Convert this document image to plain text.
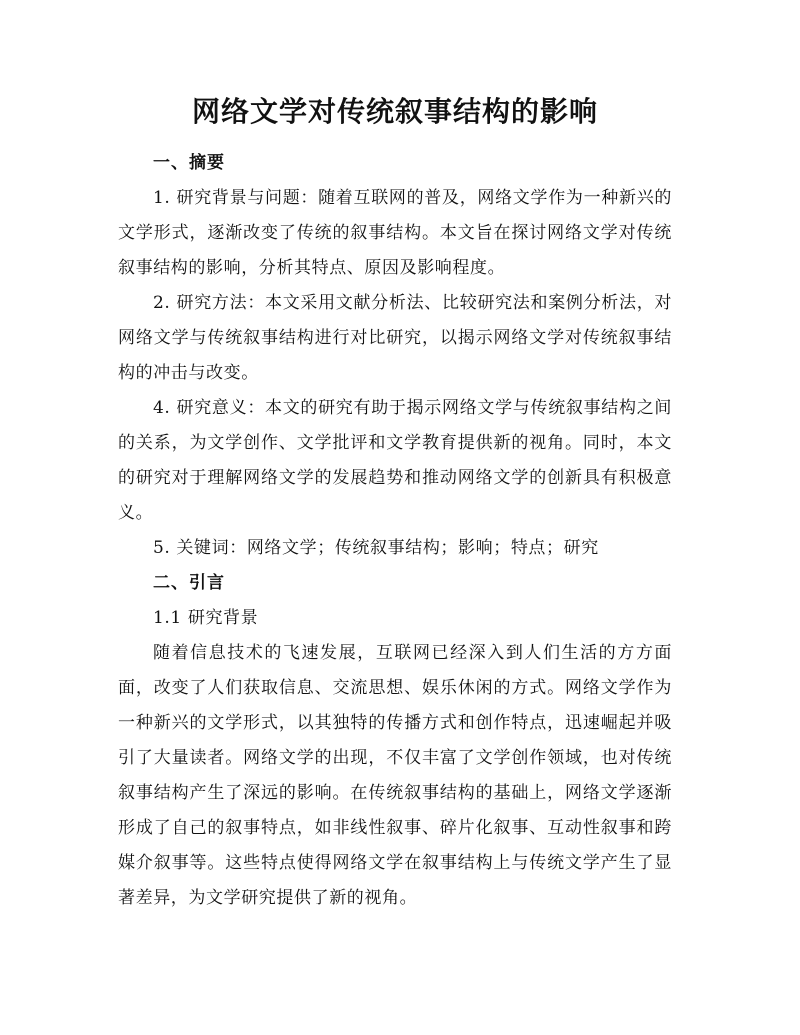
网络文学对传统叙事结构的影响

一、摘要

1. 研究背景与问题：随着互联网的普及，网络文学作为一种新兴的文学形式，逐渐改变了传统的叙事结构。本文旨在探讨网络文学对传统叙事结构的影响，分析其特点、原因及影响程度。

2. 研究方法：本文采用文献分析法、比较研究法和案例分析法，对网络文学与传统叙事结构进行对比研究，以揭示网络文学对传统叙事结构的冲击与改变。

4. 研究意义：本文的研究有助于揭示网络文学与传统叙事结构之间的关系，为文学创作、文学批评和文学教育提供新的视角。同时，本文的研究对于理解网络文学的发展趋势和推动网络文学的创新具有积极意义。

5. 关键词：网络文学；传统叙事结构；影响；特点；研究

二、引言

1.1 研究背景

随着信息技术的飞速发展，互联网已经深入到人们生活的方方面面，改变了人们获取信息、交流思想、娱乐休闲的方式。网络文学作为一种新兴的文学形式，以其独特的传播方式和创作特点，迅速崛起并吸引了大量读者。网络文学的出现，不仅丰富了文学创作领域，也对传统叙事结构产生了深远的影响。在传统叙事结构的基础上，网络文学逐渐形成了自己的叙事特点，如非线性叙事、碎片化叙事、互动性叙事和跨媒介叙事等。这些特点使得网络文学在叙事结构上与传统文学产生了显著差异，为文学研究提供了新的视角。
